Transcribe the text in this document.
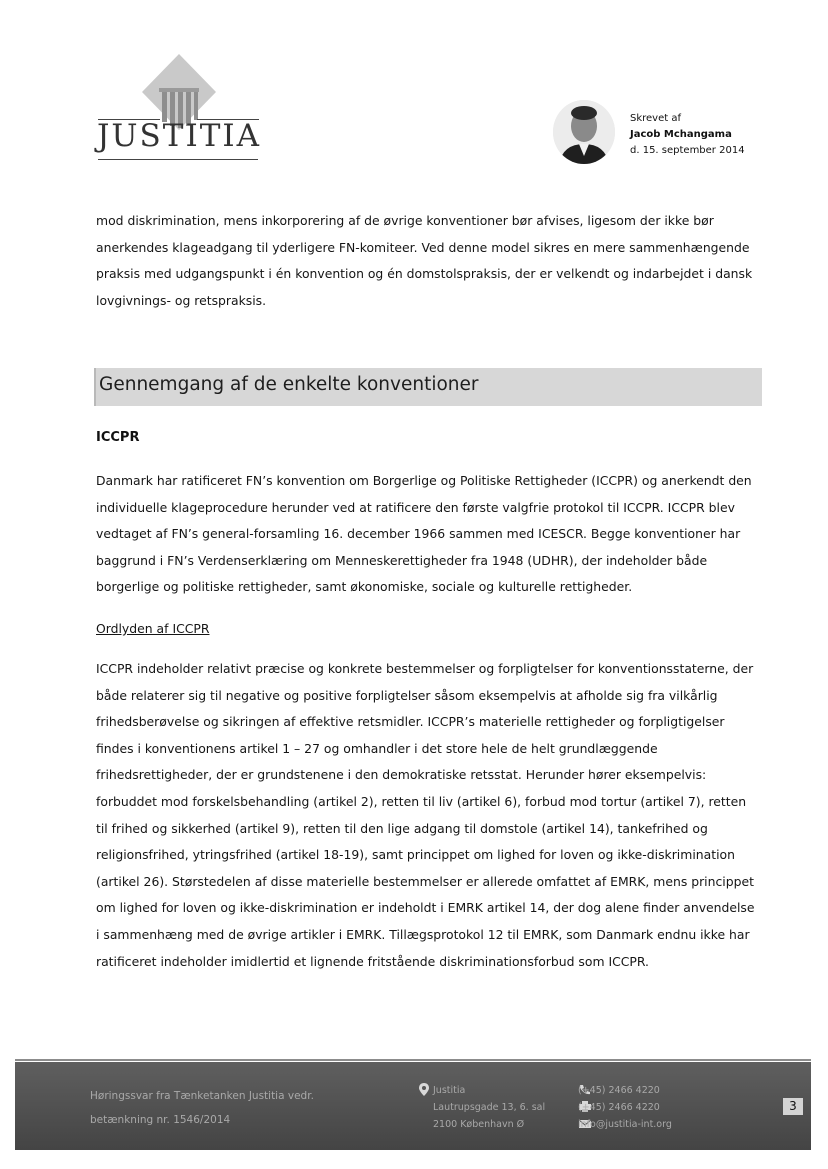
JUSTITIA	Skrevet af
Jacob Mchangama
d. 15. september 2014

mod diskrimination, mens inkorporering af de øvrige konventioner bør afvises, ligesom der ikke bør anerkendes klageadgang til yderligere FN-komiteer. Ved denne model sikres en mere sammenhængende praksis med udgangspunkt i én konvention og én domstolspraksis, der er velkendt og indarbejdet i dansk lovgivnings- og retspraksis.

Gennemgang af de enkelte konventioner
ICCPR

Danmark har ratificeret FN’s konvention om Borgerlige og Politiske Rettigheder (ICCPR) og anerkendt den individuelle klageprocedure herunder ved at ratificere den første valgfrie protokol til ICCPR. ICCPR blev vedtaget af FN’s general-forsamling 16. december 1966 sammen med ICESCR. Begge konventioner har baggrund i FN’s Verdenserklæring om Menneskerettigheder fra 1948 (UDHR), der indeholder både borgerlige og politiske rettigheder, samt økonomiske, sociale og kulturelle rettigheder.

Ordlyden af ICCPR

ICCPR indeholder relativt præcise og konkrete bestemmelser og forpligtelser for konventionsstaterne, der både relaterer sig til negative og positive forpligtelser såsom eksempelvis at afholde sig fra vilkårlig frihedsberøvelse og sikringen af effektive retsmidler. ICCPR’s materielle rettigheder og forpligtigelser findes i konventionens artikel 1 – 27 og omhandler i det store hele de helt grundlæggende frihedsrettigheder, der er grundstenene i den demokratiske retsstat. Herunder hører eksempelvis: forbuddet mod forskelsbehandling (artikel 2), retten til liv (artikel 6), forbud mod tortur (artikel 7), retten til frihed og sikkerhed (artikel 9), retten til den lige adgang til domstole (artikel 14), tankefrihed og religionsfrihed, ytringsfrihed (artikel 18-19), samt princippet om lighed for loven og ikke-diskrimination (artikel 26). Størstedelen af disse materielle bestemmelser er allerede omfattet af EMRK, mens princippet om lighed for loven og ikke-diskrimination er indeholdt i EMRK artikel 14, der dog alene finder anvendelse i sammenhæng med de øvrige artikler i EMRK. Tillægsprotokol 12 til EMRK, som Danmark endnu ikke har ratificeret indeholder imidlertid et lignende fritstående diskriminationsforbud som ICCPR.

Høringssvar fra Tænketanken Justitia vedr.
betænkning nr. 1546/2014
Justitia
Lautrupsgade 13, 6. sal
2100 København Ø
(+45) 2466 4220
(+45) 2466 4220
info@justitia-int.org
3
